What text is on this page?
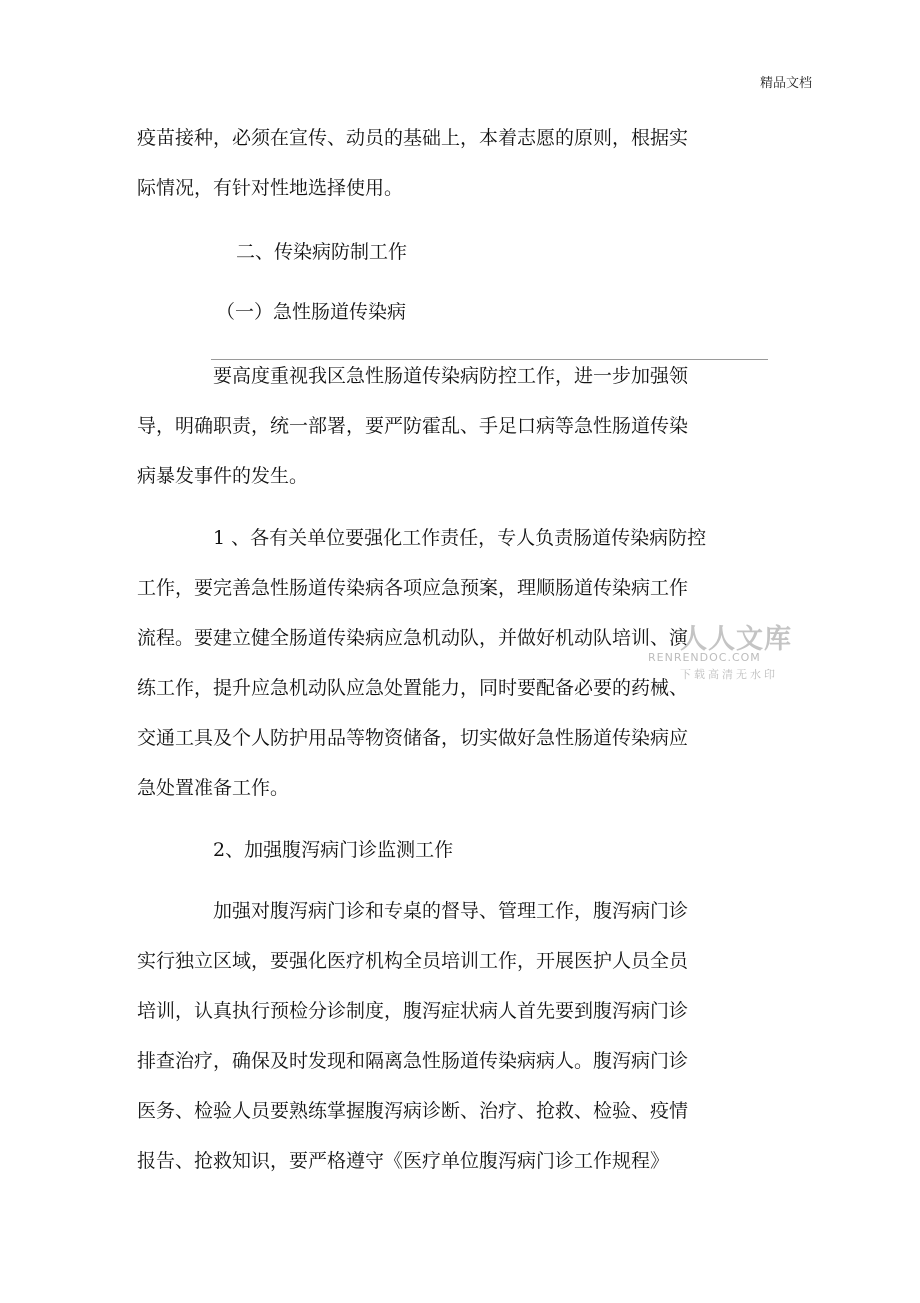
精品文档
疫苗接种，必须在宣传、动员的基础上，本着志愿的原则，根据实
际情况，有针对性地选择使用。
二、传染病防制工作
（一）急性肠道传染病
要高度重视我区急性肠道传染病防控工作，进一步加强领
导，明确职责，统一部署，要严防霍乱、手足口病等急性肠道传染
病暴发事件的发生。
1 、各有关单位要强化工作责任，专人负责肠道传染病防控
工作，要完善急性肠道传染病各项应急预案，理顺肠道传染病工作
流程。要建立健全肠道传染病应急机动队，并做好机动队培训、演
练工作，提升应急机动队应急处置能力，同时要配备必要的药械、
交通工具及个人防护用品等物资储备，切实做好急性肠道传染病应
急处置准备工作。
2、加强腹泻病门诊监测工作
加强对腹泻病门诊和专桌的督导、管理工作，腹泻病门诊
实行独立区域，要强化医疗机构全员培训工作，开展医护人员全员
培训，认真执行预检分诊制度，腹泻症状病人首先要到腹泻病门诊
排查治疗，确保及时发现和隔离急性肠道传染病病人。腹泻病门诊
医务、检验人员要熟练掌握腹泻病诊断、治疗、抢救、检验、疫情
报告、抢救知识，要严格遵守《医疗单位腹泻病门诊工作规程》
人人文库
RENRENDOC.COM
下载高清无水印
